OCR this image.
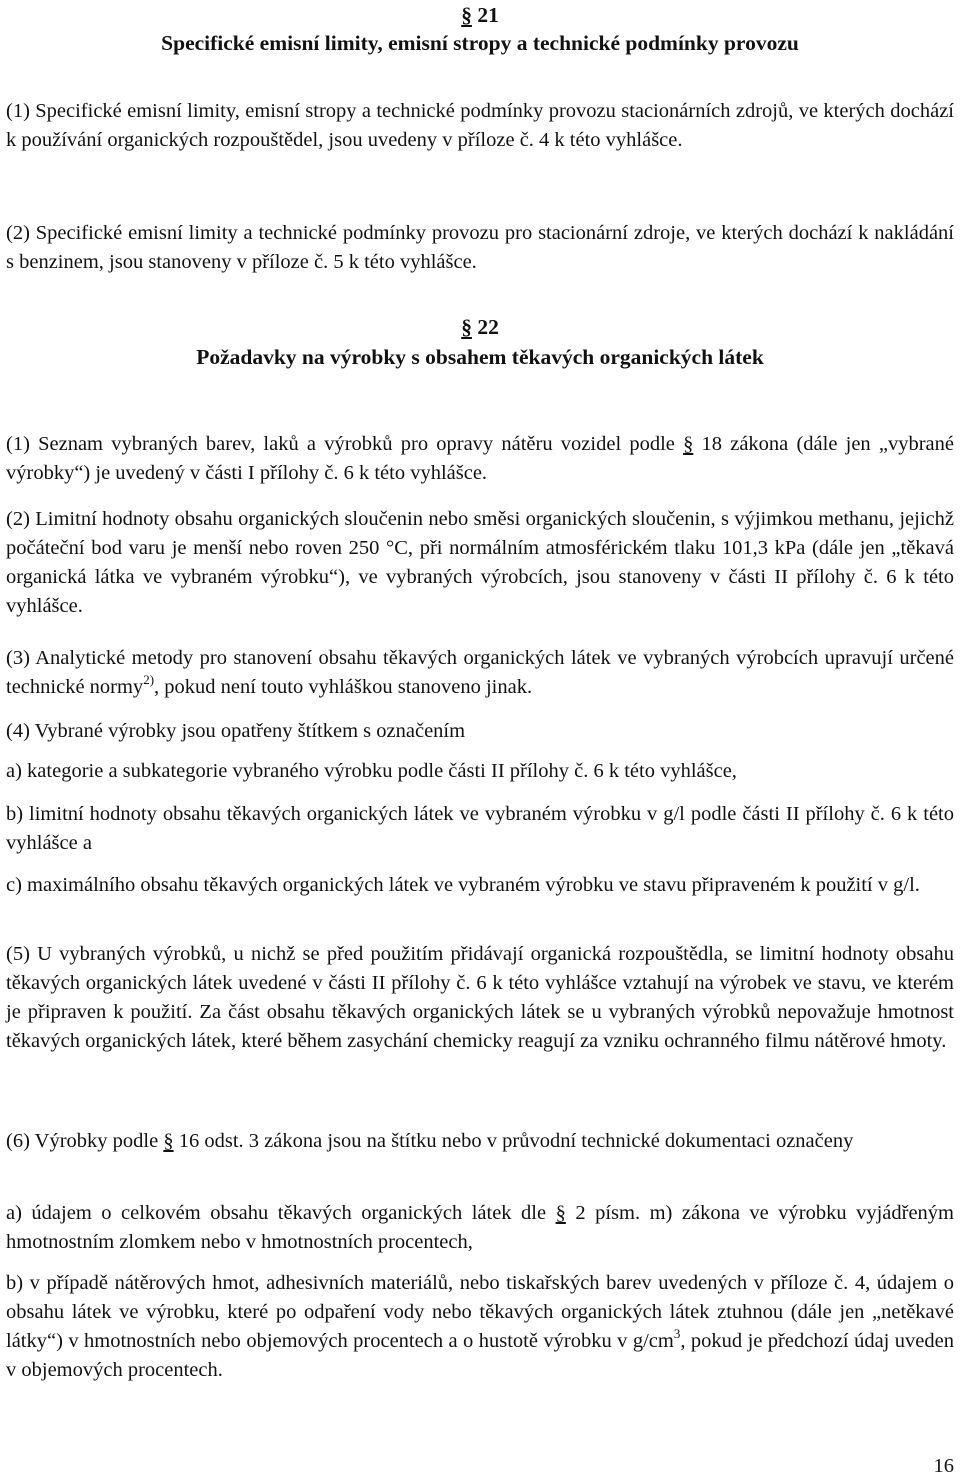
§ 21
Specifické emisní limity, emisní stropy a technické podmínky provozu
(1) Specifické emisní limity, emisní stropy a technické podmínky provozu stacionárních zdrojů, ve kterých dochází k používání organických rozpouštědel, jsou uvedeny v příloze č. 4 k této vyhlášce.
(2) Specifické emisní limity a technické podmínky provozu pro stacionární zdroje, ve kterých dochází k nakládání s benzinem, jsou stanoveny v příloze č. 5 k této vyhlášce.
§ 22
Požadavky na výrobky s obsahem těkavých organických látek
(1) Seznam vybraných barev, laků a výrobků pro opravy nátěru vozidel podle § 18 zákona (dále jen „vybrané výrobky“) je uvedený v části I přílohy č. 6 k této vyhlášce.
(2) Limitní hodnoty obsahu organických sloučenin nebo směsi organických sloučenin, s výjimkou methanu, jejichž počáteční bod varu je menší nebo roven 250 °C, při normálním atmosférickém tlaku 101,3 kPa (dále jen „těkavá organická látka ve vybraném výrobku“), ve vybraných výrobcích, jsou stanoveny v části II přílohy č. 6 k této vyhlášce.
(3) Analytické metody pro stanovení obsahu těkavých organických látek ve vybraných výrobcích upravují určené technické normy$^{2)}$, pokud není touto vyhláškou stanoveno jinak.
(4) Vybrané výrobky jsou opatřeny štítkem s označením
a) kategorie a subkategorie vybraného výrobku podle části II přílohy č. 6 k této vyhlášce,
b) limitní hodnoty obsahu těkavých organických látek ve vybraném výrobku v g/l podle části II přílohy č. 6 k této vyhlášce a
c) maximálního obsahu těkavých organických látek ve vybraném výrobku ve stavu připraveném k použití v g/l.
(5) U vybraných výrobků, u nichž se před použitím přidávají organická rozpouštědla, se limitní hodnoty obsahu těkavých organických látek uvedené v části II přílohy č. 6 k této vyhlášce vztahují na výrobek ve stavu, ve kterém je připraven k použití. Za část obsahu těkavých organických látek se u vybraných výrobků nepovažuje hmotnost těkavých organických látek, které během zasychání chemicky reagují za vzniku ochranného filmu nátěrové hmoty.
(6) Výrobky podle § 16 odst. 3 zákona jsou na štítku nebo v průvodní technické dokumentaci označeny
a) údajem o celkovém obsahu těkavých organických látek dle § 2 písm. m) zákona ve výrobku vyjádřeným hmotnostním zlomkem nebo v hmotnostních procentech,
b) v případě nátěrových hmot, adhesivních materiálů, nebo tiskařských barev uvedených v příloze č. 4, údajem o obsahu látek ve výrobku, které po odpaření vody nebo těkavých organických látek ztuhnou (dále jen „netěkavé látky“) v hmotnostních nebo objemových procentech a o hustotě výrobku v $g/cm^3$, pokud je předchozí údaj uveden v objemových procentech.
16
